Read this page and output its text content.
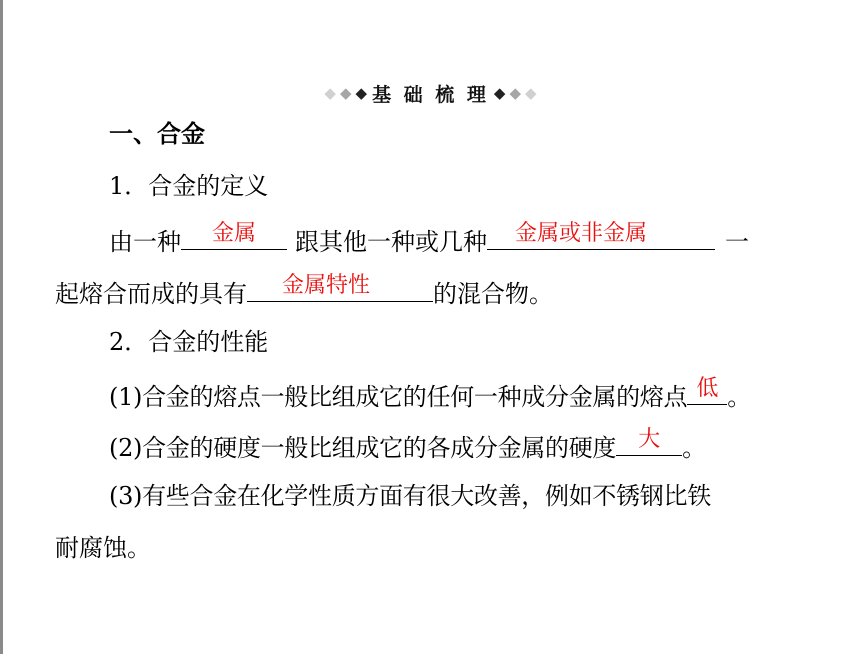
◆ ◆ ◆ 基 础 梳 理 ◆ ◆ ◆
一、合金
1．合金的定义
由一种	金属	跟其他一种或几种	金属或非金属	一
起熔合而成的具有	金属特性	的混合物。
2．合金的性能
(1)合金的熔点一般比组成它的任何一种成分金属的熔点 低 。
(2)合金的硬度一般比组成它的各成分金属的硬度	大 。
(3)有些合金在化学性质方面有很大改善，例如不锈钢比铁
耐腐蚀。
